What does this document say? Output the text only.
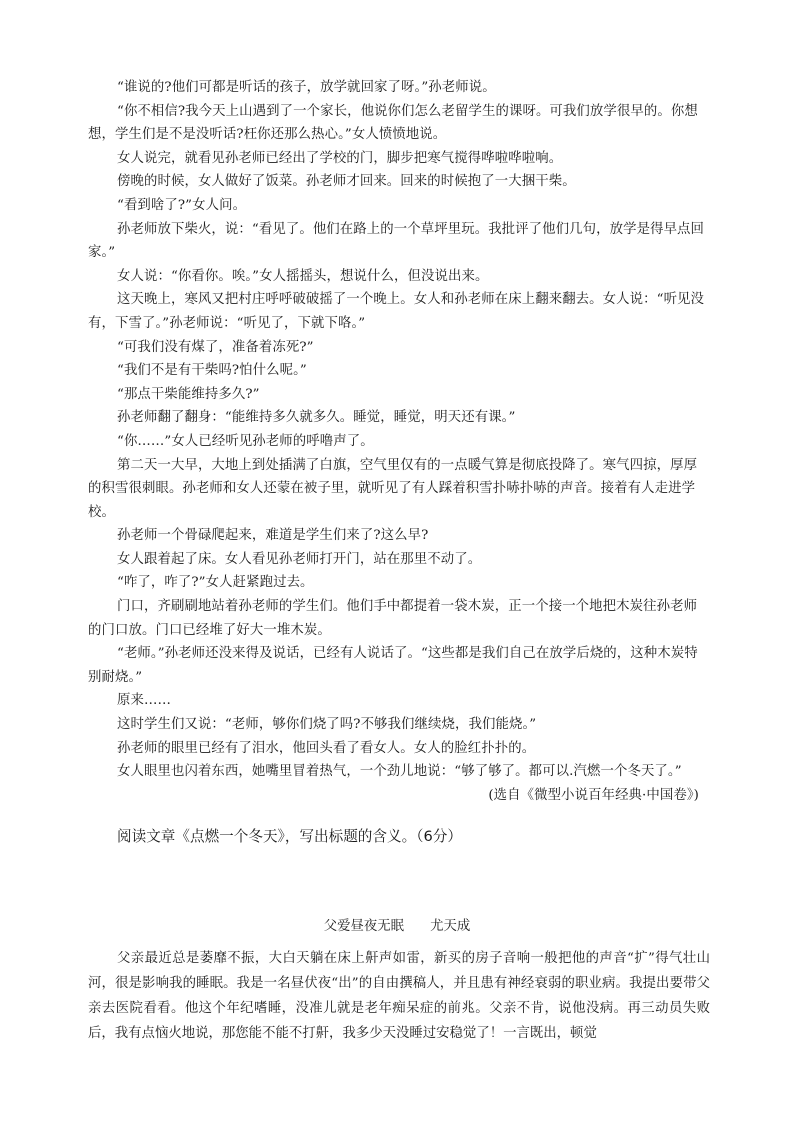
“谁说的?他们可都是听话的孩子，放学就回家了呀。”孙老师说。

“你不相信?我今天上山遇到了一个家长，他说你们怎么老留学生的课呀。可我们放学很早的。你想想，学生们是不是没听话?枉你还那么热心。”女人愤愤地说。

女人说完，就看见孙老师已经出了学校的门，脚步把寒气搅得哗啦哗啦响。

傍晚的时候，女人做好了饭菜。孙老师才回来。回来的时候抱了一大捆干柴。

“看到啥了?”女人问。

孙老师放下柴火，说：“看见了。他们在路上的一个草坪里玩。我批评了他们几句，放学是得早点回家。”

女人说：“你看你。唉。”女人摇摇头，想说什么，但没说出来。

这天晚上，寒风又把村庄呼呼破破摇了一个晚上。女人和孙老师在床上翻来翻去。女人说：“听见没有，下雪了。”孙老师说：“听见了，下就下咯。”

“可我们没有煤了，准备着冻死?”

“我们不是有干柴吗?怕什么呢。”

“那点干柴能维持多久?”

孙老师翻了翻身：“能维持多久就多久。睡觉，睡觉，明天还有课。”

“你……”女人已经听见孙老师的呼噜声了。

第二天一大早，大地上到处插满了白旗，空气里仅有的一点暖气算是彻底投降了。寒气四掠，厚厚的积雪很刺眼。孙老师和女人还蒙在被子里，就听见了有人踩着积雪扑哧扑哧的声音。接着有人走进学校。

孙老师一个骨碌爬起来，难道是学生们来了?这么早?

女人跟着起了床。女人看见孙老师打开门，站在那里不动了。

“咋了，咋了?”女人赶紧跑过去。

门口，齐刷刷地站着孙老师的学生们。他们手中都提着一袋木炭，正一个接一个地把木炭往孙老师的门口放。门口已经堆了好大一堆木炭。

“老师。”孙老师还没来得及说话，已经有人说话了。“这些都是我们自己在放学后烧的，这种木炭特别耐烧。”

原来……

这时学生们又说：“老师，够你们烧了吗?不够我们继续烧，我们能烧。”

孙老师的眼里已经有了泪水，他回头看了看女人。女人的脸红扑扑的。

女人眼里也闪着东西，她嘴里冒着热气，一个劲儿地说：“够了够了。都可以.汽燃一个冬天了。”

(选自《微型小说百年经典·中国卷》)

阅读文章《点燃一个冬天》，写出标题的含义。（6分）
父爱昼夜无眠 尤天成
父亲最近总是萎靡不振，大白天躺在床上鼾声如雷，新买的房子音响一般把他的声音“扩”得气壮山河，很是影响我的睡眠。我是一名昼伏夜“出”的自由撰稿人，并且患有神经衰弱的职业病。我提出要带父亲去医院看看。他这个年纪嗜睡，没准儿就是老年痴呆症的前兆。父亲不肯，说他没病。再三动员失败后，我有点恼火地说，那您能不能不打鼾，我多少天没睡过安稳觉了！一言既出，顿觉
